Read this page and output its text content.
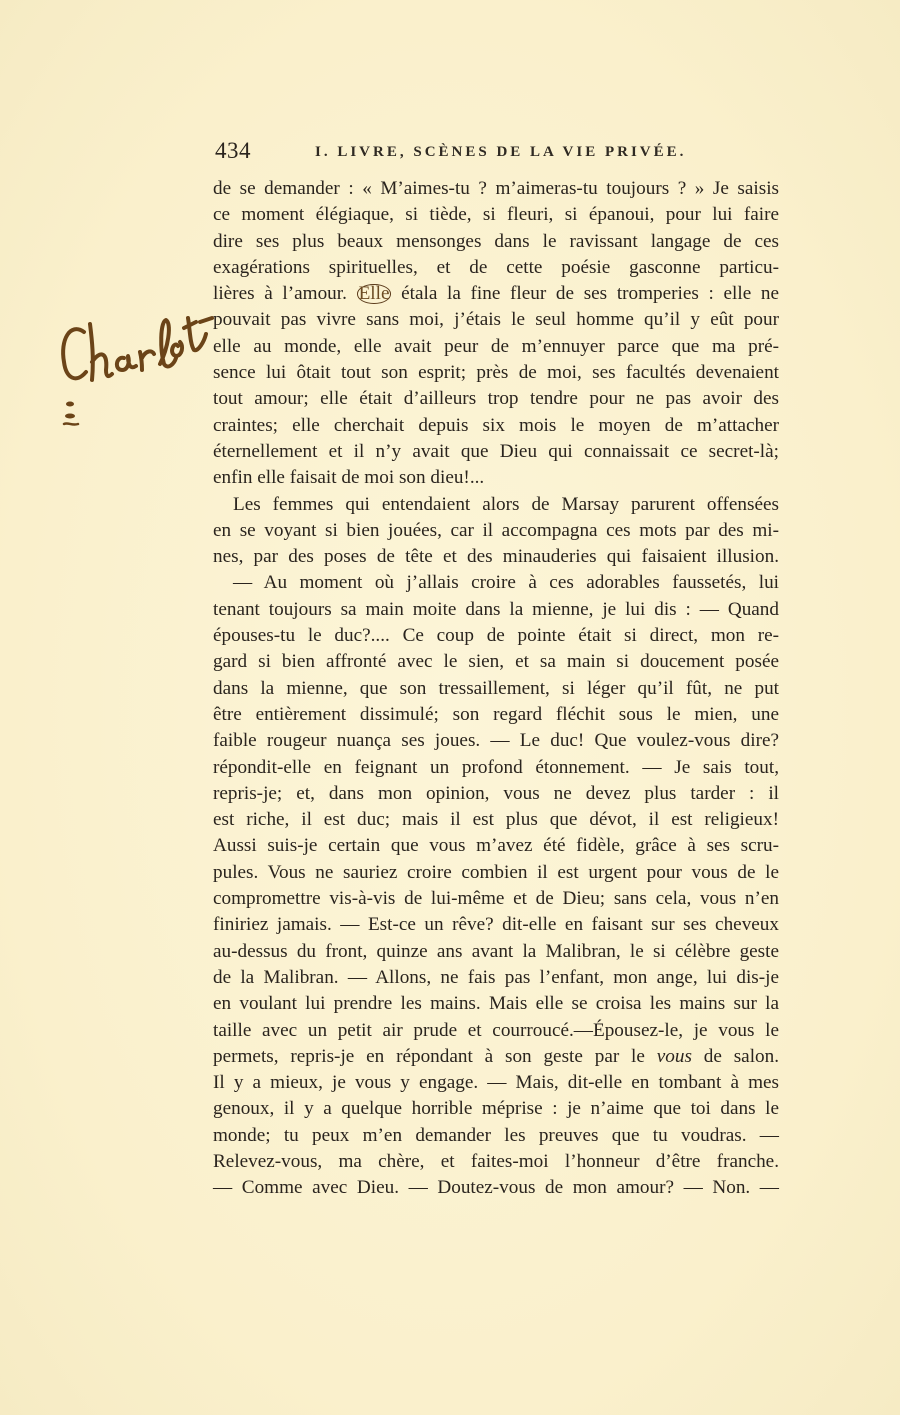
434	I. LIVRE, SCÈNES DE LA VIE PRIVÉE.
de se demander : « M’aimes-tu ? m’aimeras-tu toujours ? » Je saisis
ce moment élégiaque, si tiède, si fleuri, si épanoui, pour lui faire
dire ses plus beaux mensonges dans le ravissant langage de ces
exagérations spirituelles, et de cette poésie gasconne particu-
lières à l’amour. Elle étala la fine fleur de ses tromperies : elle ne
pouvait pas vivre sans moi, j’étais le seul homme qu’il y eût pour
elle au monde, elle avait peur de m’ennuyer parce que ma pré-
sence lui ôtait tout son esprit; près de moi, ses facultés devenaient
tout amour; elle était d’ailleurs trop tendre pour ne pas avoir des
craintes; elle cherchait depuis six mois le moyen de m’attacher
éternellement et il n’y avait que Dieu qui connaissait ce secret-là;
enfin elle faisait de moi son dieu!...
Les femmes qui entendaient alors de Marsay parurent offensées
en se voyant si bien jouées, car il accompagna ces mots par des mi-
nes, par des poses de tête et des minauderies qui faisaient illusion.
— Au moment où j’allais croire à ces adorables faussetés, lui
tenant toujours sa main moite dans la mienne, je lui dis : — Quand
épouses-tu le duc?.... Ce coup de pointe était si direct, mon re-
gard si bien affronté avec le sien, et sa main si doucement posée
dans la mienne, que son tressaillement, si léger qu’il fût, ne put
être entièrement dissimulé; son regard fléchit sous le mien, une
faible rougeur nuança ses joues. — Le duc! Que voulez-vous dire?
répondit-elle en feignant un profond étonnement. — Je sais tout,
repris-je; et, dans mon opinion, vous ne devez plus tarder : il
est riche, il est duc; mais il est plus que dévot, il est religieux!
Aussi suis-je certain que vous m’avez été fidèle, grâce à ses scru-
pules. Vous ne sauriez croire combien il est urgent pour vous de le
compromettre vis-à-vis de lui-même et de Dieu; sans cela, vous n’en
finiriez jamais. — Est-ce un rêve? dit-elle en faisant sur ses cheveux
au-dessus du front, quinze ans avant la Malibran, le si célèbre geste
de la Malibran. — Allons, ne fais pas l’enfant, mon ange, lui dis-je
en voulant lui prendre les mains. Mais elle se croisa les mains sur la
taille avec un petit air prude et courroucé.—Épousez-le, je vous le
permets, repris-je en répondant à son geste par le vous de salon.
Il y a mieux, je vous y engage. — Mais, dit-elle en tombant à mes
genoux, il y a quelque horrible méprise : je n’aime que toi dans le
monde; tu peux m’en demander les preuves que tu voudras. —
Relevez-vous, ma chère, et faites-moi l’honneur d’être franche.
— Comme avec Dieu. — Doutez-vous de mon amour? — Non. —
